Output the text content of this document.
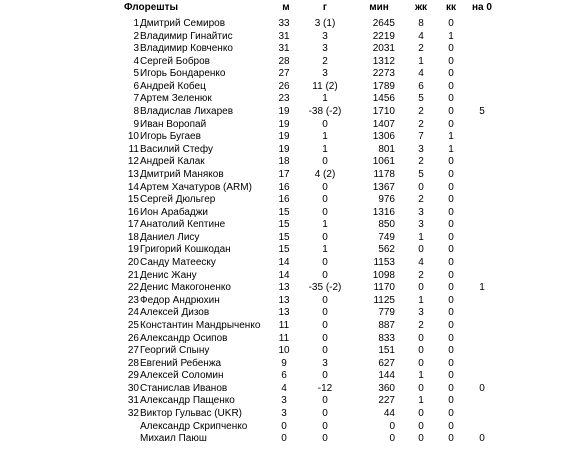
Флорешты	м	г	мин	жк	кк	на 0
1 Дмитрий Семиров	33	3 (1)	2645	8	0
2 Владимир Гинайтис	31	3	2219	4	1
3 Владимир Ковченко	31	3	2031	2	0
4 Сергей Бобров	28	2	1312	1	0
5 Игорь Бондаренко	27	3	2273	4	0
6 Андрей Кобец	26	11 (2)	1789	6	0
7 Артем Зеленюк	23	1	1456	5	0
8 Владислав Лихарев	19	-38 (-2)	1710	2	0	5
9 Иван Воропай	19	0	1407	2	0
10 Игорь Бугаев	19	1	1306	7	1
11 Василий Стефу	19	1	801	3	1
12 Андрей Калак	18	0	1061	2	0
13 Дмитрий Маняков	17	4 (2)	1178	5	0
14 Артем Хачатуров (ARM)	16	0	1367	0	0
15 Сергей Дюльгер	16	0	976	2	0
16 Ион Арабаджи	15	0	1316	3	0
17 Анатолий Кептине	15	1	850	3	0
18 Даниел Лису	15	0	749	1	0
19 Григорий Кошкодан	15	1	562	0	0
20 Санду Матееску	14	0	1153	4	0
21 Денис Жану	14	0	1098	2	0
22 Денис Макогоненко	13	-35 (-2)	1170	0	0	1
23 Федор Андрюхин	13	0	1125	1	0
24 Алексей Дизов	13	0	779	3	0
25 Константин Мандрыченко	11	0	887	2	0
26 Александр Осипов	11	0	833	0	0
27 Георгий Спыну	10	0	151	0	0
28 Евгений Ребенжа	9	3	627	0	0
29 Алексей Соломин	6	0	144	1	0
30 Станислав Иванов	4	-12	360	0	0	0
31 Александр Пащенко	3	0	227	1	0
32 Виктор Гульвас (UKR)	3	0	44	0	0
Александр Скрипченко	0	0	0	0	0
Михаил Паюш	0	0	0	0	0	0
